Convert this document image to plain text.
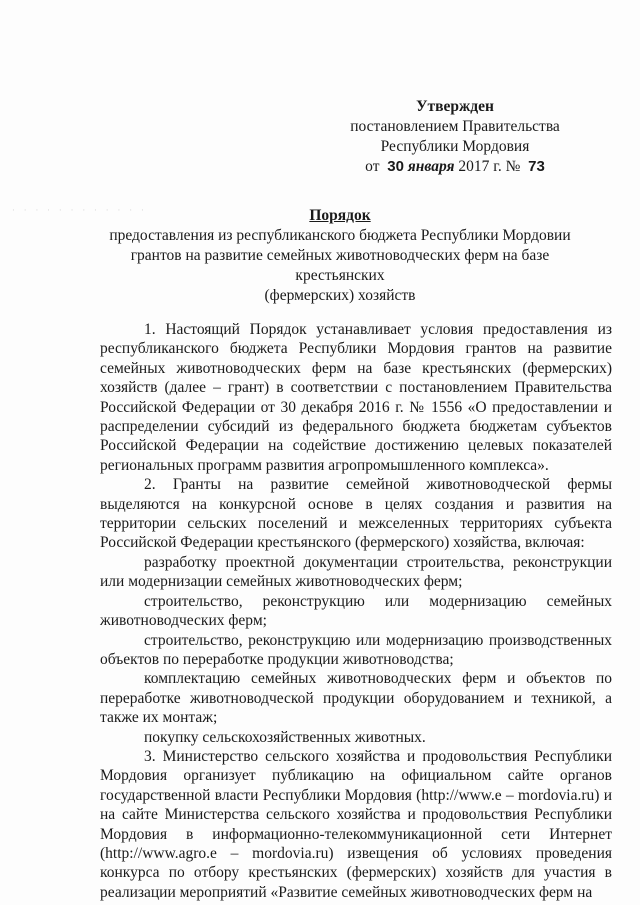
· · · · · · · · · · · ·
Утвержден
постановлением Правительства
Республики Мордовия
от 30 января 2017 г. № 73
Порядок
предоставления из республиканского бюджета Республики Мордовии
грантов на развитие семейных животноводческих ферм на базе крестьянских
(фермерских) хозяйств

1. Настоящий Порядок устанавливает условия предоставления из республиканского бюджета Республики Мордовия грантов на развитие семейных животноводческих ферм на базе крестьянских (фермерских) хозяйств (далее – грант) в соответствии с постановлением Правительства Российской Федерации от 30 декабря 2016 г. № 1556 «О предоставлении и распределении субсидий из федерального бюджета бюджетам субъектов Российской Федерации на содействие достижению целевых показателей региональных программ развития агропромышленного комплекса».

2. Гранты на развитие семейной животноводческой фермы выделяются на конкурсной основе в целях создания и развития на территории сельских поселений и межселенных территориях субъекта Российской Федерации крестьянского (фермерского) хозяйства, включая:

разработку проектной документации строительства, реконструкции или модернизации семейных животноводческих ферм;

строительство, реконструкцию или модернизацию семейных животноводческих ферм;

строительство, реконструкцию или модернизацию производственных объектов по переработке продукции животноводства;

комплектацию семейных животноводческих ферм и объектов по переработке животноводческой продукции оборудованием и техникой, а также их монтаж;

покупку сельскохозяйственных животных.

3. Министерство сельского хозяйства и продовольствия Республики Мордовия организует публикацию на официальном сайте органов государственной власти Республики Мордовия (http://www.e – mordovia.ru) и на сайте Министерства сельского хозяйства и продовольствия Республики Мордовия в информационно-телекоммуникационной сети Интернет (http://www.agro.e – mordovia.ru) извещения об условиях проведения конкурса по отбору крестьянских (фермерских) хозяйств для участия в реализации мероприятий «Развитие семейных животноводческих ферм на
